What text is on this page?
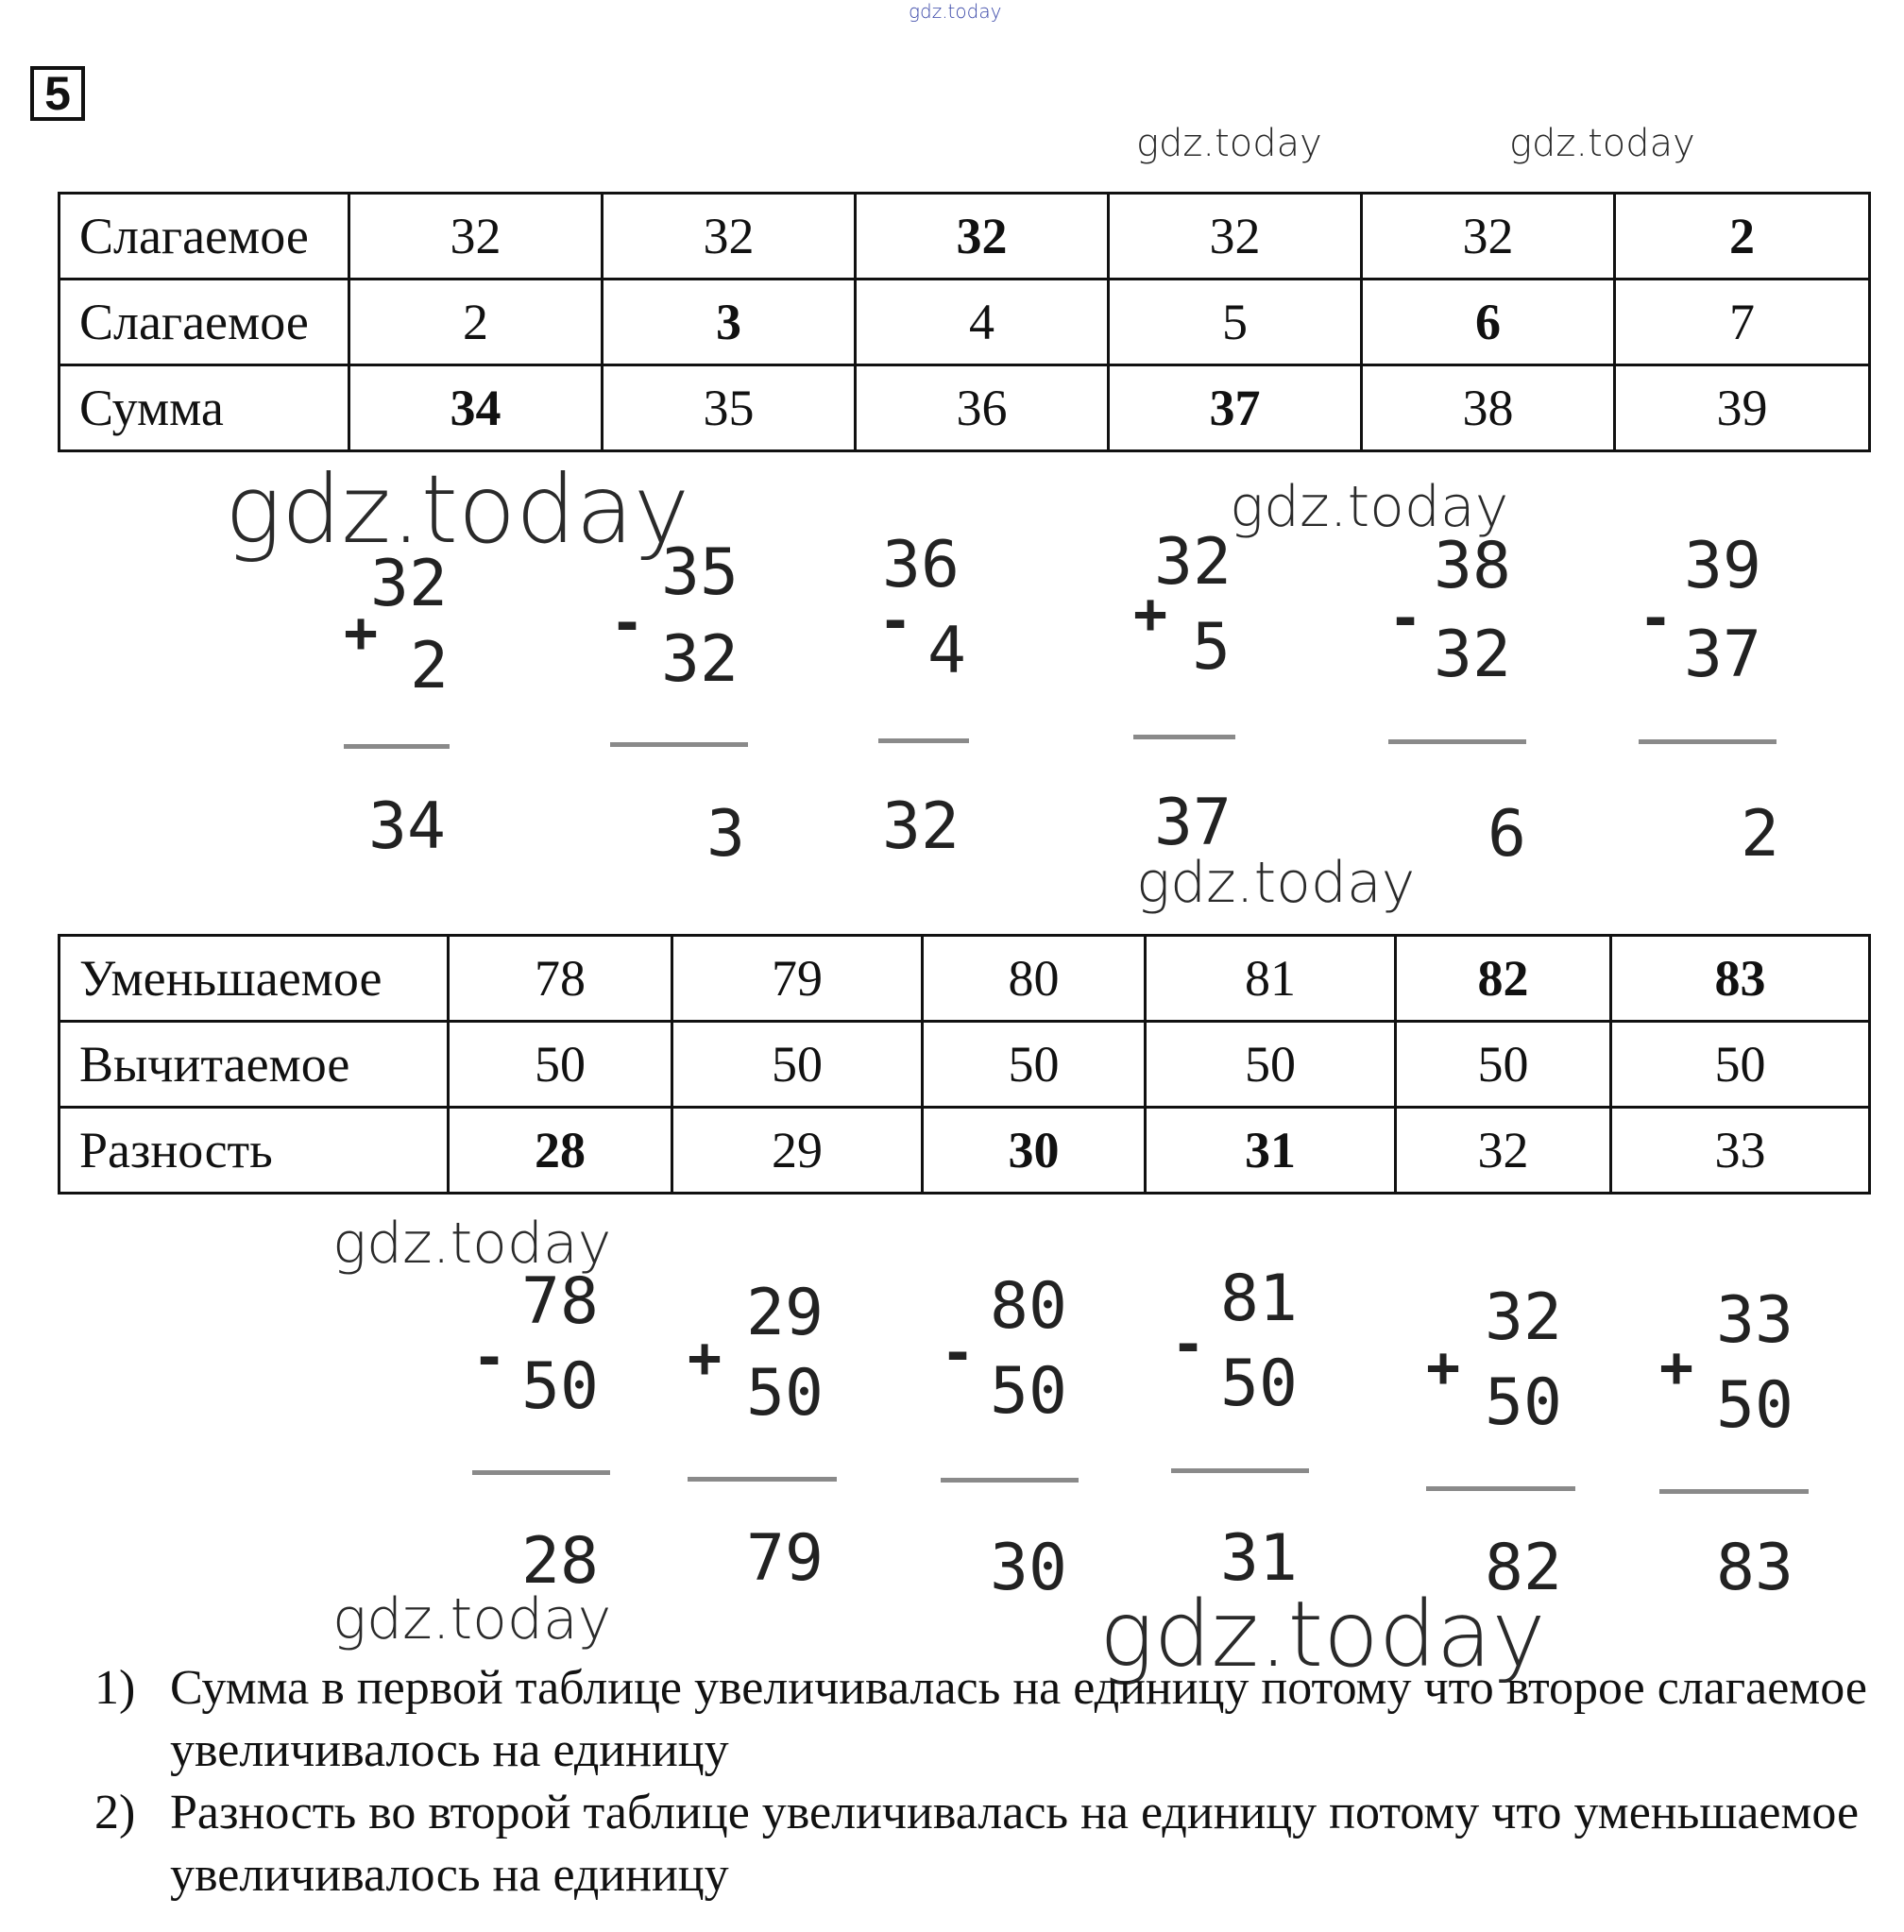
gdz.today
gdz.today	gdz.today
gdz.today	gdz.today
gdz.today
gdz.today
gdz.today	gdz.today
5
Слагаемое	32	32	32	32	32	2
Слагаемое	2	3	4	5	6	7
Сумма	34	35	36	37	38	39
+
32
2
34
-
35
32
3
-
36
4
32
+
32
5
37
-
38
32
6
-
39
37
2
Уменьшаемое	78	79	80	81	82	83
Вычитаемое	50	50	50	50	50	50
Разность	28	29	30	31	32	33
-
78
50
28
+
29
50
79
-
80
50
30
-
81
50
31
+
32
50
82
+
33
50
83
1) Сумма в первой таблице увеличивалась на единицу потому что второе слагаемое увеличивалось на единицу
2) Разность во второй таблице увеличивалась на единицу потому что уменьшаемое увеличивалось на единицу
